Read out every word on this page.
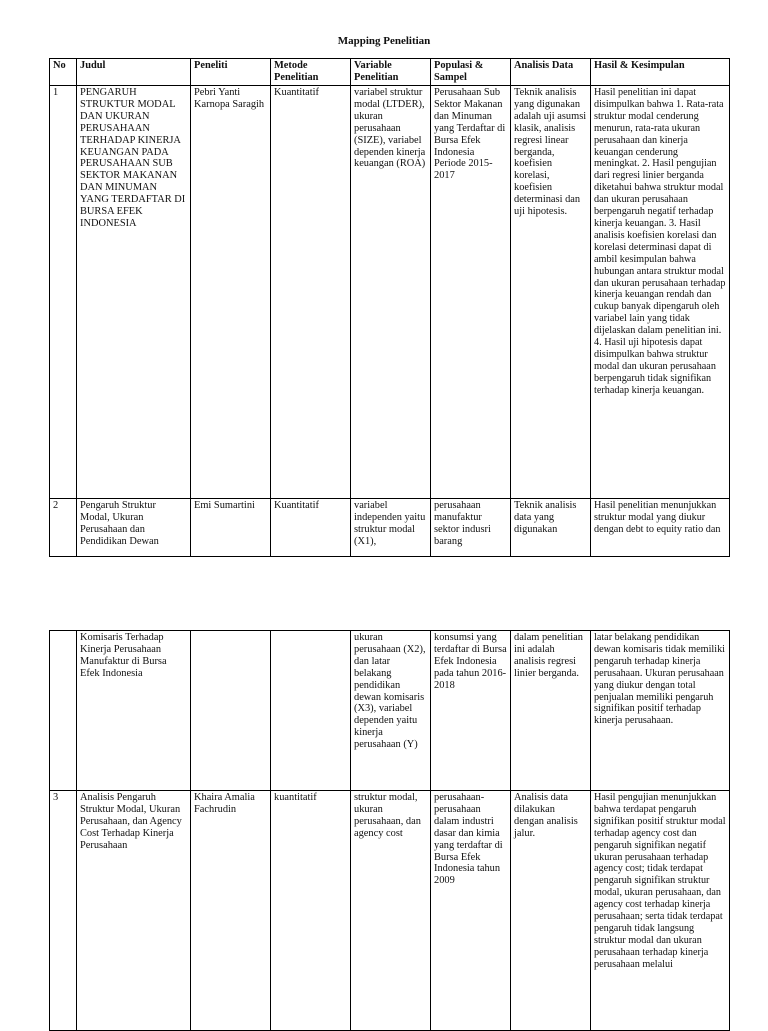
Mapping Penelitian
No	Judul	Peneliti	Metode Penelitian	Variable Penelitian	Populasi & Sampel	Analisis Data	Hasil & Kesimpulan
1	PENGARUH STRUKTUR MODAL DAN UKURAN PERUSAHAAN TERHADAP KINERJA KEUANGAN PADA PERUSAHAAN SUB SEKTOR MAKANAN DAN MINUMAN YANG TERDAFTAR DI BURSA EFEK INDONESIA	Pebri Yanti Karnopa Saragih	Kuantitatif	variabel struktur modal (LTDER), ukuran perusahaan (SIZE), variabel dependen kinerja keuangan (ROA)	Perusahaan Sub Sektor Makanan dan Minuman yang Terdaftar di Bursa Efek Indonesia Periode 2015-2017	Teknik analisis yang digunakan adalah uji asumsi klasik, analisis regresi linear berganda, koefisien korelasi, koefisien determinasi dan uji hipotesis.	Hasil penelitian ini dapat disimpulkan bahwa 1. Rata-rata struktur modal cenderung menurun, rata-rata ukuran perusahaan dan kinerja keuangan cenderung meningkat. 2. Hasil pengujian dari regresi linier berganda diketahui bahwa struktur modal dan ukuran perusahaan berpengaruh negatif terhadap kinerja keuangan. 3. Hasil analisis koefisien korelasi dan korelasi determinasi dapat di ambil kesimpulan bahwa hubungan antara struktur modal dan ukuran perusahaan terhadap kinerja keuangan rendah dan cukup banyak dipengaruh oleh variabel lain yang tidak dijelaskan dalam penelitian ini. 4. Hasil uji hipotesis dapat disimpulkan bahwa struktur modal dan ukuran perusahaan berpengaruh tidak signifikan terhadap kinerja keuangan.
2	Pengaruh Struktur Modal, Ukuran Perusahaan dan Pendidikan Dewan	Emi Sumartini	Kuantitatif	variabel independen yaitu struktur modal (X1),	perusahaan manufaktur sektor indusri barang	Teknik analisis data yang digunakan	Hasil penelitian menunjukkan struktur modal yang diukur dengan debt to equity ratio dan
	Komisaris Terhadap Kinerja Perusahaan Manufaktur di Bursa Efek Indonesia			ukuran perusahaan (X2), dan latar belakang pendidikan dewan komisaris (X3), variabel dependen yaitu kinerja perusahaan (Y)	konsumsi yang terdaftar di Bursa Efek Indonesia pada tahun 2016-2018	dalam penelitian ini adalah analisis regresi linier berganda.	latar belakang pendidikan dewan komisaris tidak memiliki pengaruh terhadap kinerja perusahaan. Ukuran perusahaan yang diukur dengan total penjualan memiliki pengaruh signifikan positif terhadap kinerja perusahaan.
3	Analisis Pengaruh Struktur Modal, Ukuran Perusahaan, dan Agency Cost Terhadap Kinerja Perusahaan	Khaira Amalia Fachrudin	kuantitatif	struktur modal, ukuran perusahaan, dan agency cost	perusahaan-perusahaan dalam industri dasar dan kimia yang terdaftar di Bursa Efek Indonesia tahun 2009	Analisis data dilakukan dengan analisis jalur.	Hasil pengujian menunjukkan bahwa terdapat pengaruh signifikan positif struktur modal terhadap agency cost dan pengaruh signifikan negatif ukuran perusahaan terhadap agency cost; tidak terdapat pengaruh signifikan struktur modal, ukuran perusahaan, dan agency cost terhadap kinerja perusahaan; serta tidak terdapat pengaruh tidak langsung struktur modal dan ukuran perusahaan terhadap kinerja perusahaan melalui
